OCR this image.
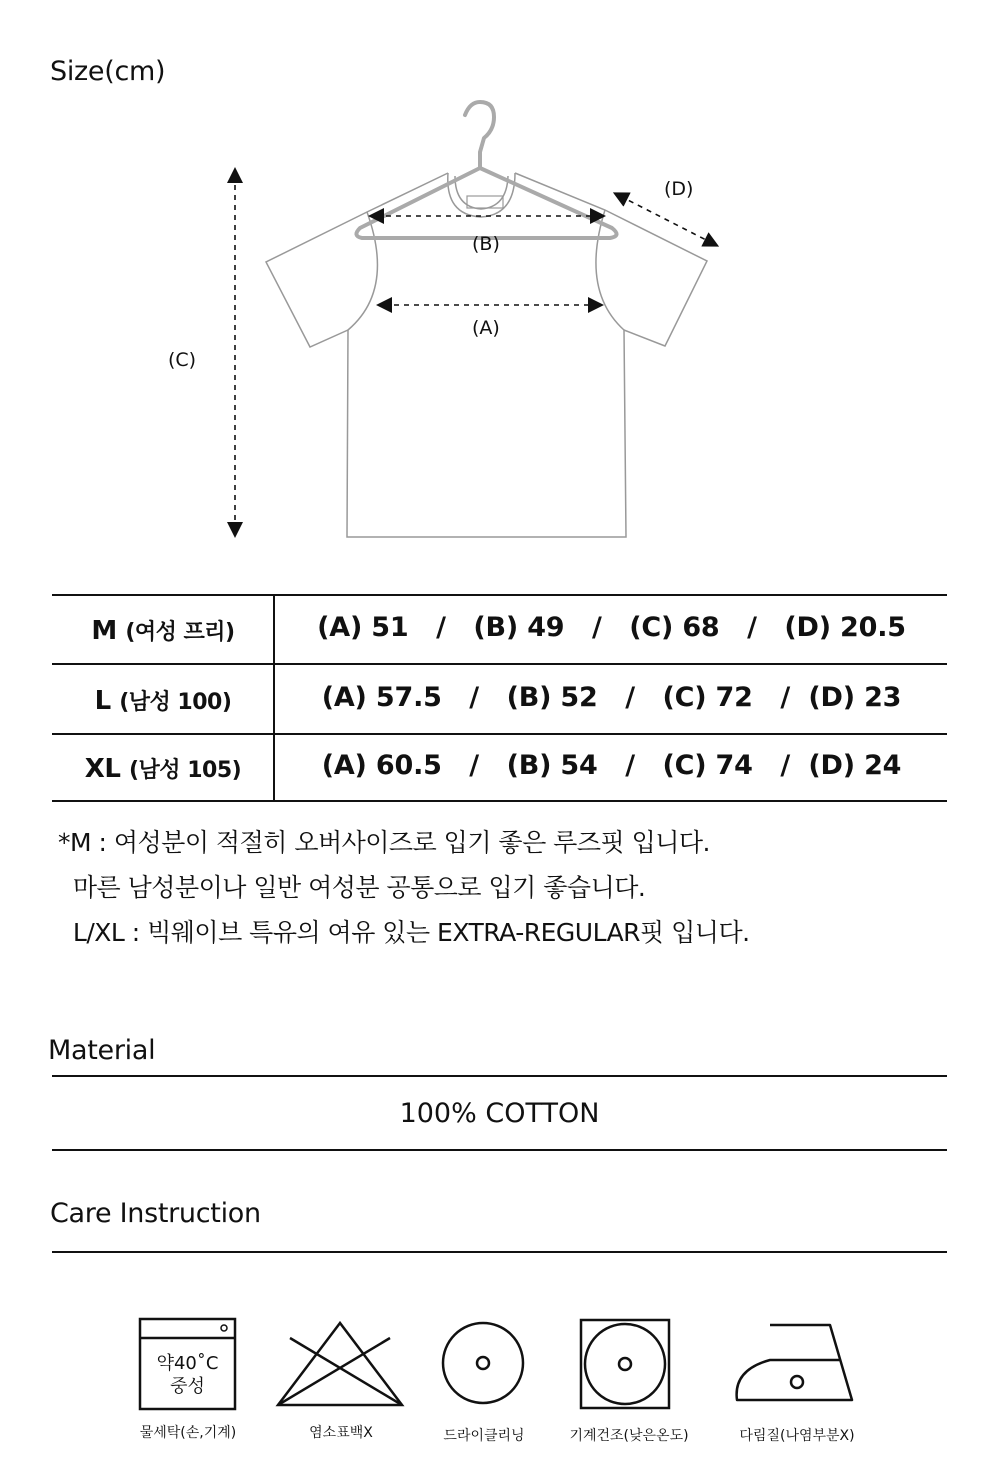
Size(cm)
(B)
(A)
(C)
(D)
M (여성 프리)	(A) 51   /   (B) 49   /   (C) 68   /   (D) 20.5
L (남성 100)	(A) 57.5   /   (B) 52   /   (C) 72   /  (D) 23
XL (남성 105)	(A) 60.5   /   (B) 54   /   (C) 74   /  (D) 24
*M : 여성분이 적절히 오버사이즈로 입기 좋은 루즈핏 입니다.
마른 남성분이나 일반 여성분 공통으로 입기 좋습니다.
L/XL : 빅웨이브 특유의 여유 있는 EXTRA-REGULAR핏 입니다.
Material
100% COTTON
Care Instruction
약40˚C
중성
물세탁(손,기계)	염소표백X	드라이클리닝	기계건조(낮은온도)	다림질(나염부분X)
